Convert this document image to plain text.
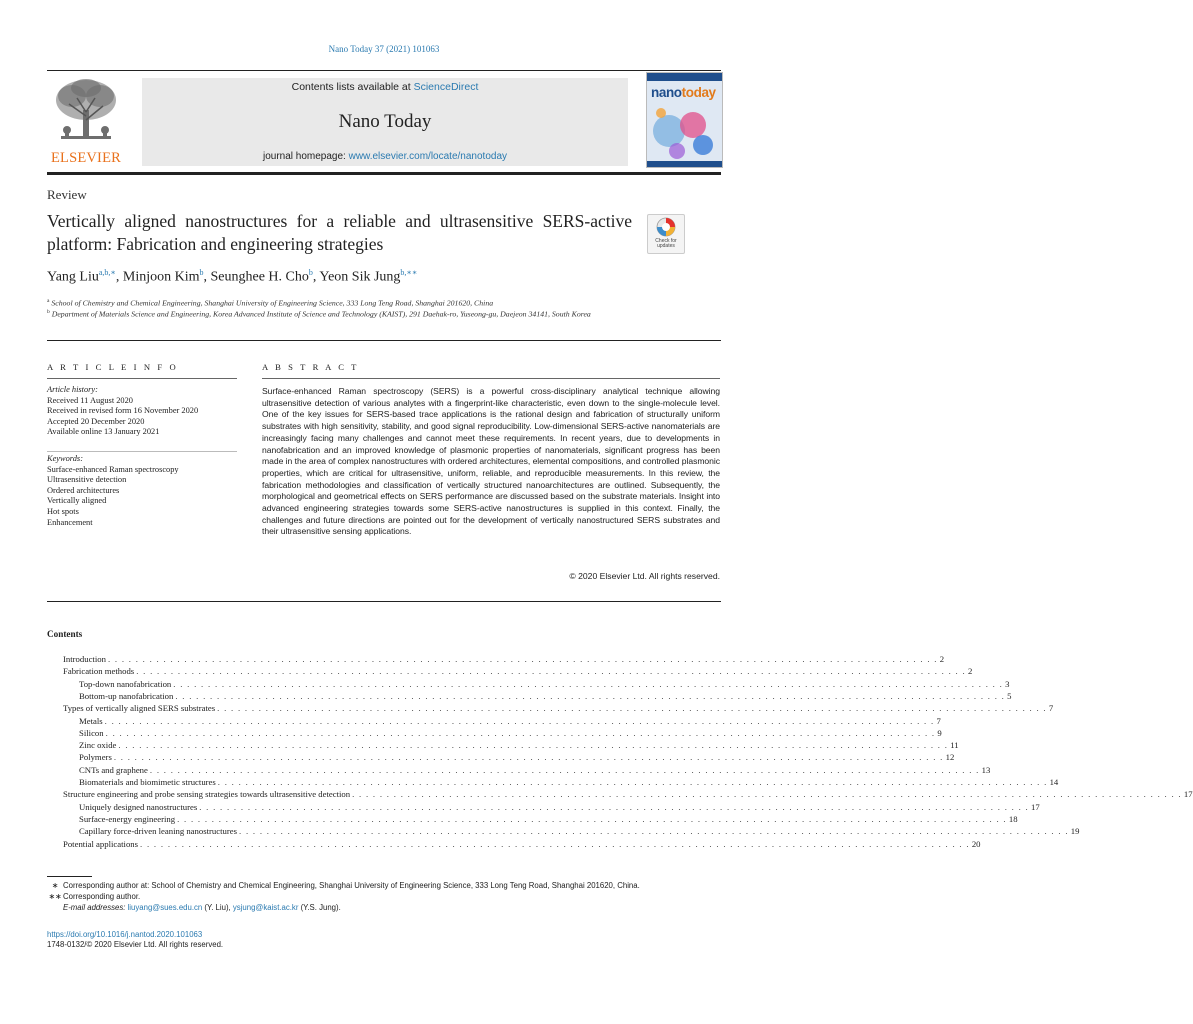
Nano Today 37 (2021) 101063
ELSEVIER
Contents lists available at ScienceDirect
Nano Today
journal homepage: www.elsevier.com/locate/nanotoday
nanotoday
Review
Vertically aligned nanostructures for a reliable and ultrasensitive SERS-active platform: Fabrication and engineering strategies	Check for updates
Yang Liu$^{a,b,∗}$, Minjoon Kim$^b$, Seunghee H. Cho$^b$, Yeon Sik Jung$^{b,∗∗}$
$^a$ School of Chemistry and Chemical Engineering, Shanghai University of Engineering Science, 333 Long Teng Road, Shanghai 201620, China
$^b$ Department of Materials Science and Engineering, Korea Advanced Institute of Science and Technology (KAIST), 291 Daehak-ro, Yuseong-gu, Daejeon 34141, South Korea
A R T I C L E I N F O	A B S T R A C T
Article history:
Received 11 August 2020
Received in revised form 16 November 2020
Accepted 20 December 2020
Available online 13 January 2021
Keywords:
Surface-enhanced Raman spectroscopy
Ultrasensitive detection
Ordered architectures
Vertically aligned
Hot spots
Enhancement
Surface-enhanced Raman spectroscopy (SERS) is a powerful cross-disciplinary analytical technique allowing ultrasensitive detection of various analytes with a fingerprint-like characteristic, even down to the single-molecule level. One of the key issues for SERS-based trace applications is the rational design and fabrication of structurally uniform substrates with high sensitivity, stability, and good signal reproducibility. Low-dimensional SERS-active nanomaterials are increasingly facing many challenges and cannot meet these requirements. In recent years, due to developments in nanofabrication and an improved knowledge of plasmonic properties of nanomaterials, significant progress has been made in the area of complex nanostructures with ordered architectures, elemental compositions, and controlled plasmonic properties, which are critical for ultrasensitive, uniform, reliable, and reproducible measurements. In this review, the fabrication methodologies and classification of vertically structured nanoarchitectures are outlined. Subsequently, the morphological and geometrical effects on SERS performance are discussed based on the substrate materials. Insight into advanced engineering strategies towards some SERS-active nanostructures is supplied in this context. Finally, the challenges and future directions are pointed out for the development of vertically nanostructured SERS substrates and their ultrasensitive sensing applications.
© 2020 Elsevier Ltd. All rights reserved.
Contents
Introduction . . . . . . . . . . . . . . . . . . . . . . . . . . . . . . . . . . . . . . . . . . . . . . . . . . . . . . . . . . . . . . . . . . . . . . . . . . . . . . . . . . . . . . . . . . . . . . . . . . . . . . . . . . . . . . . . . . . . . . . . 2
Fabrication methods . . . . . . . . . . . . . . . . . . . . . . . . . . . . . . . . . . . . . . . . . . . . . . . . . . . . . . . . . . . . . . . . . . . . . . . . . . . . . . . . . . . . . . . . . . . . . . . . . . . . . . . . . . . . . . . . . . . . . . . . 2
Top-down nanofabrication . . . . . . . . . . . . . . . . . . . . . . . . . . . . . . . . . . . . . . . . . . . . . . . . . . . . . . . . . . . . . . . . . . . . . . . . . . . . . . . . . . . . . . . . . . . . . . . . . . . . . . . . . . . . . . . . . . . . . . . . 3
Bottom-up nanofabrication . . . . . . . . . . . . . . . . . . . . . . . . . . . . . . . . . . . . . . . . . . . . . . . . . . . . . . . . . . . . . . . . . . . . . . . . . . . . . . . . . . . . . . . . . . . . . . . . . . . . . . . . . . . . . . . . . . . . . . . . 5
Types of vertically aligned SERS substrates . . . . . . . . . . . . . . . . . . . . . . . . . . . . . . . . . . . . . . . . . . . . . . . . . . . . . . . . . . . . . . . . . . . . . . . . . . . . . . . . . . . . . . . . . . . . . . . . . . . . . . . . . . . . . . . . . . . . . . . . 7
Metals . . . . . . . . . . . . . . . . . . . . . . . . . . . . . . . . . . . . . . . . . . . . . . . . . . . . . . . . . . . . . . . . . . . . . . . . . . . . . . . . . . . . . . . . . . . . . . . . . . . . . . . . . . . . . . . . . . . . . . . . 7
Silicon . . . . . . . . . . . . . . . . . . . . . . . . . . . . . . . . . . . . . . . . . . . . . . . . . . . . . . . . . . . . . . . . . . . . . . . . . . . . . . . . . . . . . . . . . . . . . . . . . . . . . . . . . . . . . . . . . . . . . . . . 9
Zinc oxide . . . . . . . . . . . . . . . . . . . . . . . . . . . . . . . . . . . . . . . . . . . . . . . . . . . . . . . . . . . . . . . . . . . . . . . . . . . . . . . . . . . . . . . . . . . . . . . . . . . . . . . . . . . . . . . . . . . . . . . . 11
Polymers . . . . . . . . . . . . . . . . . . . . . . . . . . . . . . . . . . . . . . . . . . . . . . . . . . . . . . . . . . . . . . . . . . . . . . . . . . . . . . . . . . . . . . . . . . . . . . . . . . . . . . . . . . . . . . . . . . . . . . . . 12
CNTs and graphene . . . . . . . . . . . . . . . . . . . . . . . . . . . . . . . . . . . . . . . . . . . . . . . . . . . . . . . . . . . . . . . . . . . . . . . . . . . . . . . . . . . . . . . . . . . . . . . . . . . . . . . . . . . . . . . . . . . . . . . . 13
Biomaterials and biomimetic structures . . . . . . . . . . . . . . . . . . . . . . . . . . . . . . . . . . . . . . . . . . . . . . . . . . . . . . . . . . . . . . . . . . . . . . . . . . . . . . . . . . . . . . . . . . . . . . . . . . . . . . . . . . . . . . . . . . . . . . . . 14
Structure engineering and probe sensing strategies towards ultrasensitive detection . . . . . . . . . . . . . . . . . . . . . . . . . . . . . . . . . . . . . . . . . . . . . . . . . . . . . . . . . . . . . . . . . . . . . . . . . . . . . . . . . . . . . . . . . . . . . . . . . . . . . . . . . . . . . . . . . . . . . . . . 17
Uniquely designed nanostructures . . . . . . . . . . . . . . . . . . . . . . . . . . . . . . . . . . . . . . . . . . . . . . . . . . . . . . . . . . . . . . . . . . . . . . . . . . . . . . . . . . . . . . . . . . . . . . . . . . . . . . . . . . . . . . . . . . . . . . . . 17
Surface-energy engineering . . . . . . . . . . . . . . . . . . . . . . . . . . . . . . . . . . . . . . . . . . . . . . . . . . . . . . . . . . . . . . . . . . . . . . . . . . . . . . . . . . . . . . . . . . . . . . . . . . . . . . . . . . . . . . . . . . . . . . . . 18
Capillary force-driven leaning nanostructures . . . . . . . . . . . . . . . . . . . . . . . . . . . . . . . . . . . . . . . . . . . . . . . . . . . . . . . . . . . . . . . . . . . . . . . . . . . . . . . . . . . . . . . . . . . . . . . . . . . . . . . . . . . . . . . . . . . . . . . . 19
Potential applications . . . . . . . . . . . . . . . . . . . . . . . . . . . . . . . . . . . . . . . . . . . . . . . . . . . . . . . . . . . . . . . . . . . . . . . . . . . . . . . . . . . . . . . . . . . . . . . . . . . . . . . . . . . . . . . . . . . . . . . . 20
∗ Corresponding author at: School of Chemistry and Chemical Engineering, Shanghai University of Engineering Science, 333 Long Teng Road, Shanghai 201620, China.
∗∗Corresponding author.
E-mail addresses: liuyang@sues.edu.cn (Y. Liu), ysjung@kaist.ac.kr (Y.S. Jung).
https://doi.org/10.1016/j.nantod.2020.101063
1748-0132/© 2020 Elsevier Ltd. All rights reserved.
